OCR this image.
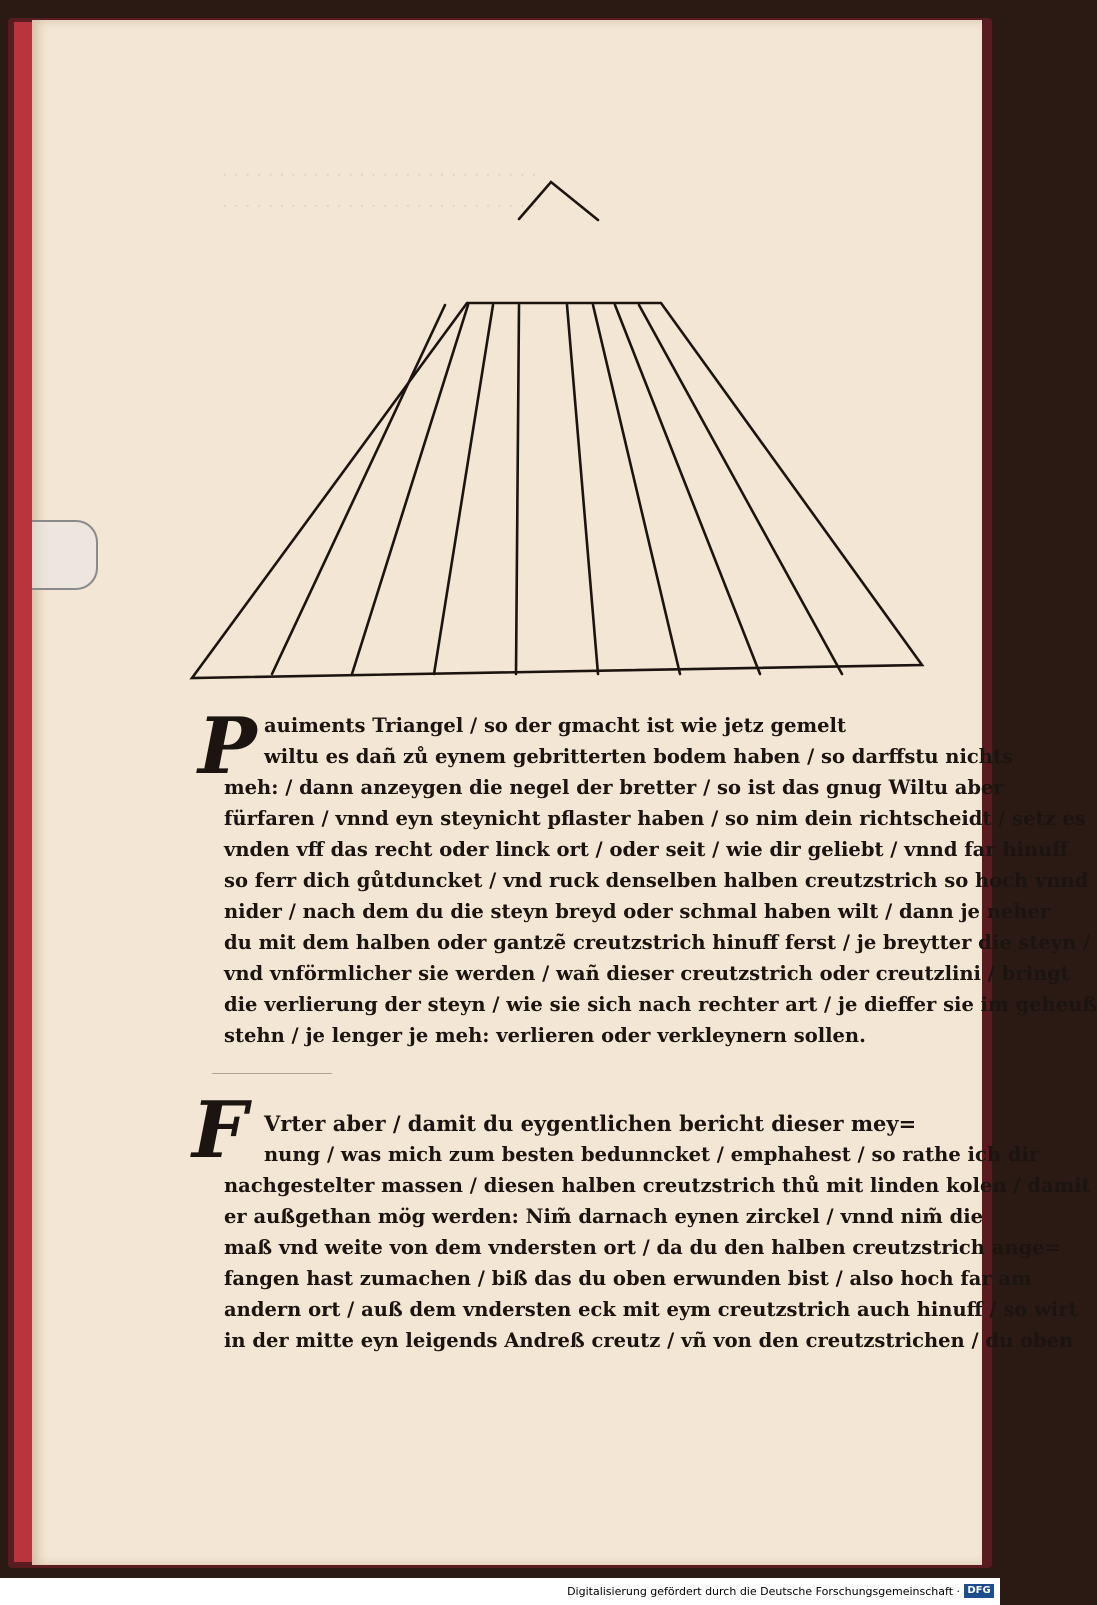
· · · · · · · · · · · · · · · · · · · · · · · · · · · ·
· · · · · · · · · · · · · · · · · · · · · · · · · · · ·
P auiments Triangel / so der gmacht ist wie jetz gemelt
wiltu es dañ zů eynem gebritterten bodem haben / so darffstu nichts
meh: / dann anzeygen die negel der bretter / so ist das gnug Wiltu aber
fürfaren / vnnd eyn steynicht pflaster haben / so nim dein richtscheidt / setz es
vnden vff das recht oder linck ort / oder seit / wie dir geliebt / vnnd far hinuff
so ferr dich gůtduncket / vnd ruck denselben halben creutzstrich so hoch vnnd
nider / nach dem du die steyn breyd oder schmal haben wilt / dann je neher
du mit dem halben oder gantzẽ creutzstrich hinuff ferst / je breytter die steyn /
vnd vnförmlicher sie werden / wañ dieser creutzstrich oder creutzlini / bringt
die verlierung der steyn / wie sie sich nach rechter art / je dieffer sie im geheuß
stehn / je lenger je meh: verlieren oder verkleynern sollen.
F Vrter aber / damit du eygentlichen bericht dieser mey=
nung / was mich zum besten bedunncket / emphahest / so rathe ich dir
nachgestelter massen / diesen halben creutzstrich thů mit linden kolen / damit
er außgethan mög werden: Nim̃ darnach eynen zirckel / vnnd nim̃ die
maß vnd weite von dem vndersten ort / da du den halben creutzstrich ange=
fangen hast zumachen / biß das du oben erwunden bist / also hoch far am
andern ort / auß dem vndersten eck mit eym creutzstrich auch hinuff / so wirt
in der mitte eyn leigends Andreß creutz / vñ von den creutzstrichen / du oben
Digitalisierung gefördert durch die Deutsche Forschungsgemeinschaft · DFG
